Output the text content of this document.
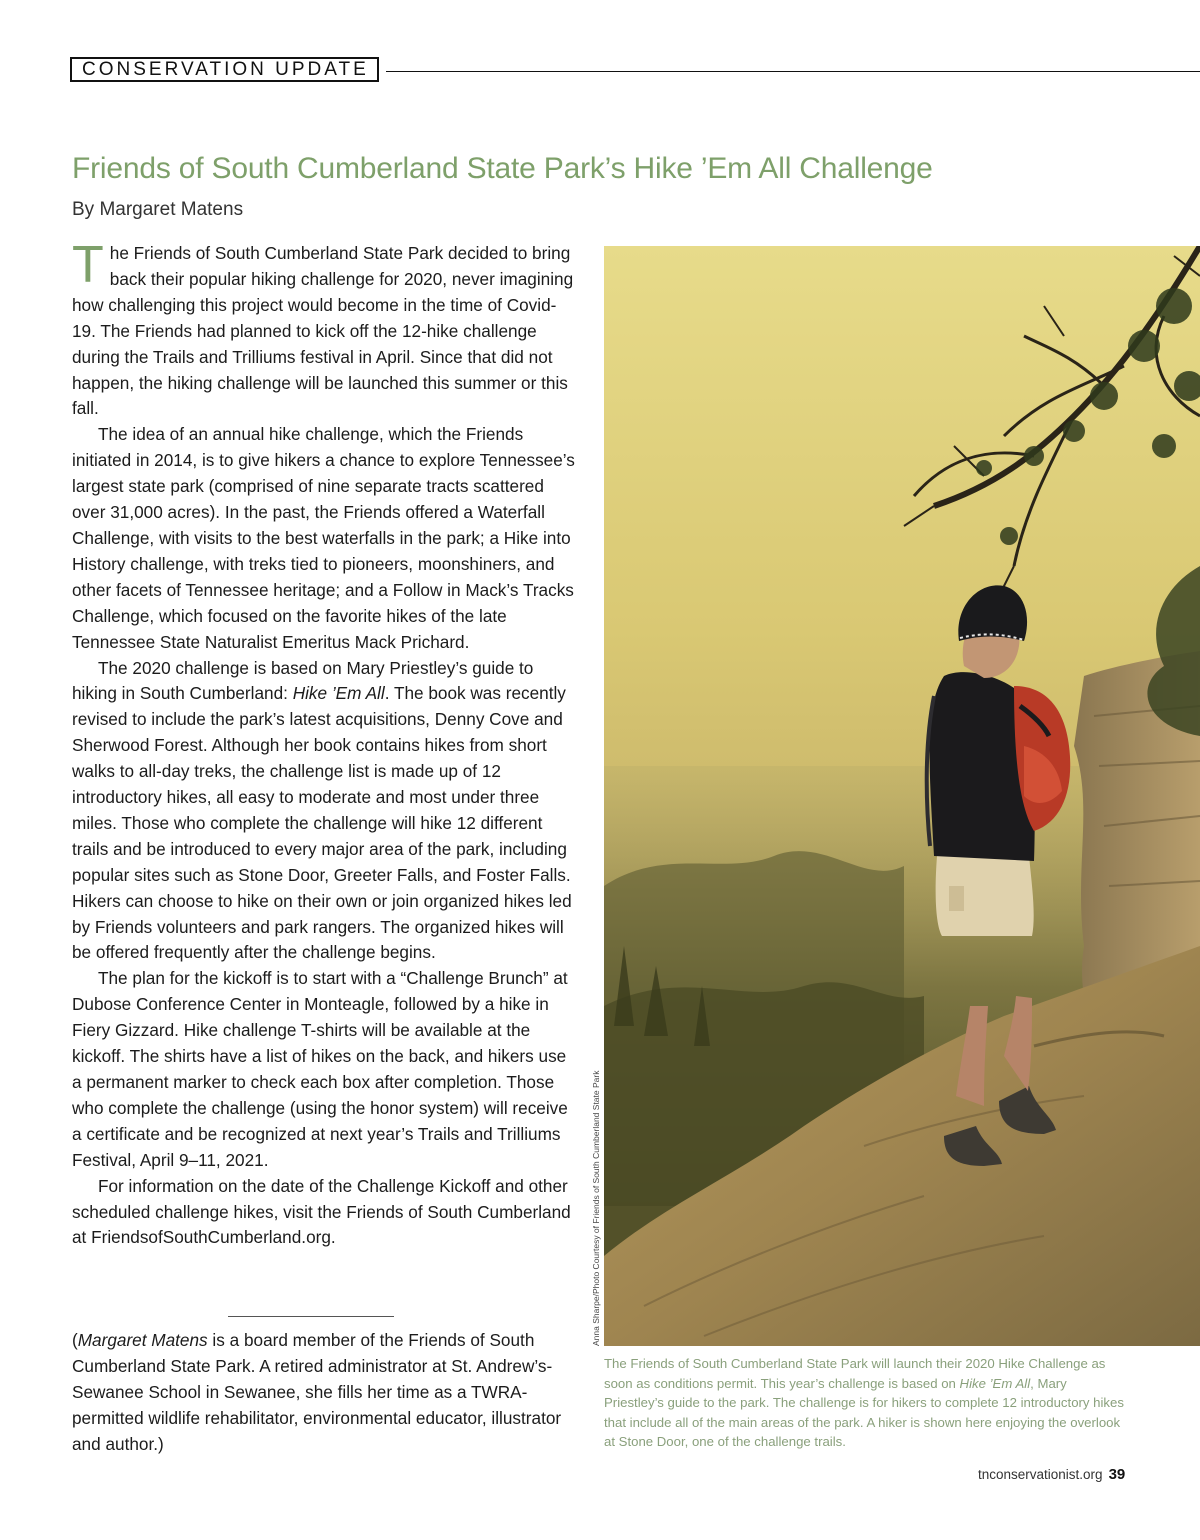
CONSERVATION UPDATE
Friends of South Cumberland State Park’s Hike ’Em All Challenge
By Margaret Matens

The Friends of South Cumberland State Park decided to bring back their popular hiking challenge for 2020, never imagining how challenging this project would become in the time of Covid-19. The Friends had planned to kick off the 12-hike challenge during the Trails and Trilliums festival in April. Since that did not happen, the hiking challenge will be launched this summer or this fall.

The idea of an annual hike challenge, which the Friends initiated in 2014, is to give hikers a chance to explore Tennessee’s largest state park (comprised of nine separate tracts scattered over 31,000 acres). In the past, the Friends offered a Waterfall Challenge, with visits to the best waterfalls in the park; a Hike into History challenge, with treks tied to pioneers, moonshiners, and other facets of Tennessee heritage; and a Follow in Mack’s Tracks Challenge, which focused on the favorite hikes of the late Tennessee State Naturalist Emeritus Mack Prichard.

The 2020 challenge is based on Mary Priestley’s guide to hiking in South Cumberland: Hike ’Em All. The book was recently revised to include the park’s latest acquisitions, Denny Cove and Sherwood Forest. Although her book contains hikes from short walks to all-day treks, the challenge list is made up of 12 introductory hikes, all easy to moderate and most under three miles. Those who complete the challenge will hike 12 different trails and be introduced to every major area of the park, including popular sites such as Stone Door, Greeter Falls, and Foster Falls. Hikers can choose to hike on their own or join organized hikes led by Friends volunteers and park rangers. The organized hikes will be offered frequently after the challenge begins.

The plan for the kickoff is to start with a “Challenge Brunch” at Dubose Conference Center in Monteagle, followed by a hike in Fiery Gizzard. Hike challenge T-shirts will be available at the kickoff. The shirts have a list of hikes on the back, and hikers use a permanent marker to check each box after completion. Those who complete the challenge (using the honor system) will receive a certificate and be recognized at next year’s Trails and Trilliums Festival, April 9–11, 2021.

For information on the date of the Challenge Kickoff and other scheduled challenge hikes, visit the Friends of South Cumberland at FriendsofSouthCumberland.org.

(Margaret Matens is a board member of the Friends of South Cumberland State Park. A retired administrator at St. Andrew’s-Sewanee School in Sewanee, she fills her time as a TWRA-permitted wildlife rehabilitator, environmental educator, illustrator and author.)
Anna Sharpe/Photo Courtesy of Friends of South Cumberland State Park
The Friends of South Cumberland State Park will launch their 2020 Hike Challenge as soon as conditions permit. This year’s challenge is based on Hike ’Em All, Mary Priestley’s guide to the park. The challenge is for hikers to complete 12 introductory hikes that include all of the main areas of the park. A hiker is shown here enjoying the overlook at Stone Door, one of the challenge trails.
tnconservationist.org 39
